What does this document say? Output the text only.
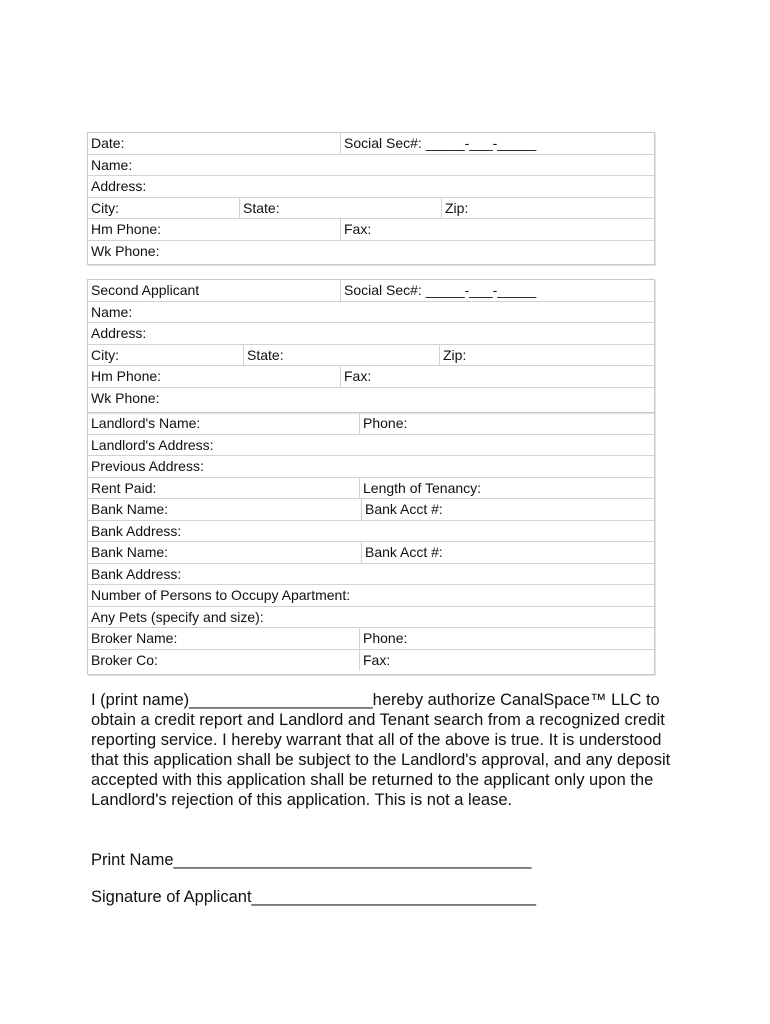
Date:	Social Sec#: _____-___-_____
Name:
Address:
City:	State:	Zip:
Hm Phone:	Fax:
Wk Phone:
Second Applicant	Social Sec#: _____-___-_____
Name:
Address:
City:	State:	Zip:
Hm Phone:	Fax:
Wk Phone:
Landlord's Name:	Phone:
Landlord's Address:
Previous Address:
Rent Paid:	Length of Tenancy:
Bank Name:	Bank Acct #:
Bank Address:
Bank Name:	Bank Acct #:
Bank Address:
Number of Persons to Occupy Apartment:
Any Pets (specify and size):
Broker Name:	Phone:
Broker Co:	Fax:

I (print name)____________________hereby authorize CanalSpace™ LLC to obtain a credit report and Landlord and Tenant search from a recognized credit reporting service. I hereby warrant that all of the above is true. It is understood that this application shall be subject to the Landlord's approval, and any deposit accepted with this application shall be returned to the applicant only upon the Landlord's rejection of this application. This is not a lease.

Print Name_______________________________________

Signature of Applicant_______________________________
